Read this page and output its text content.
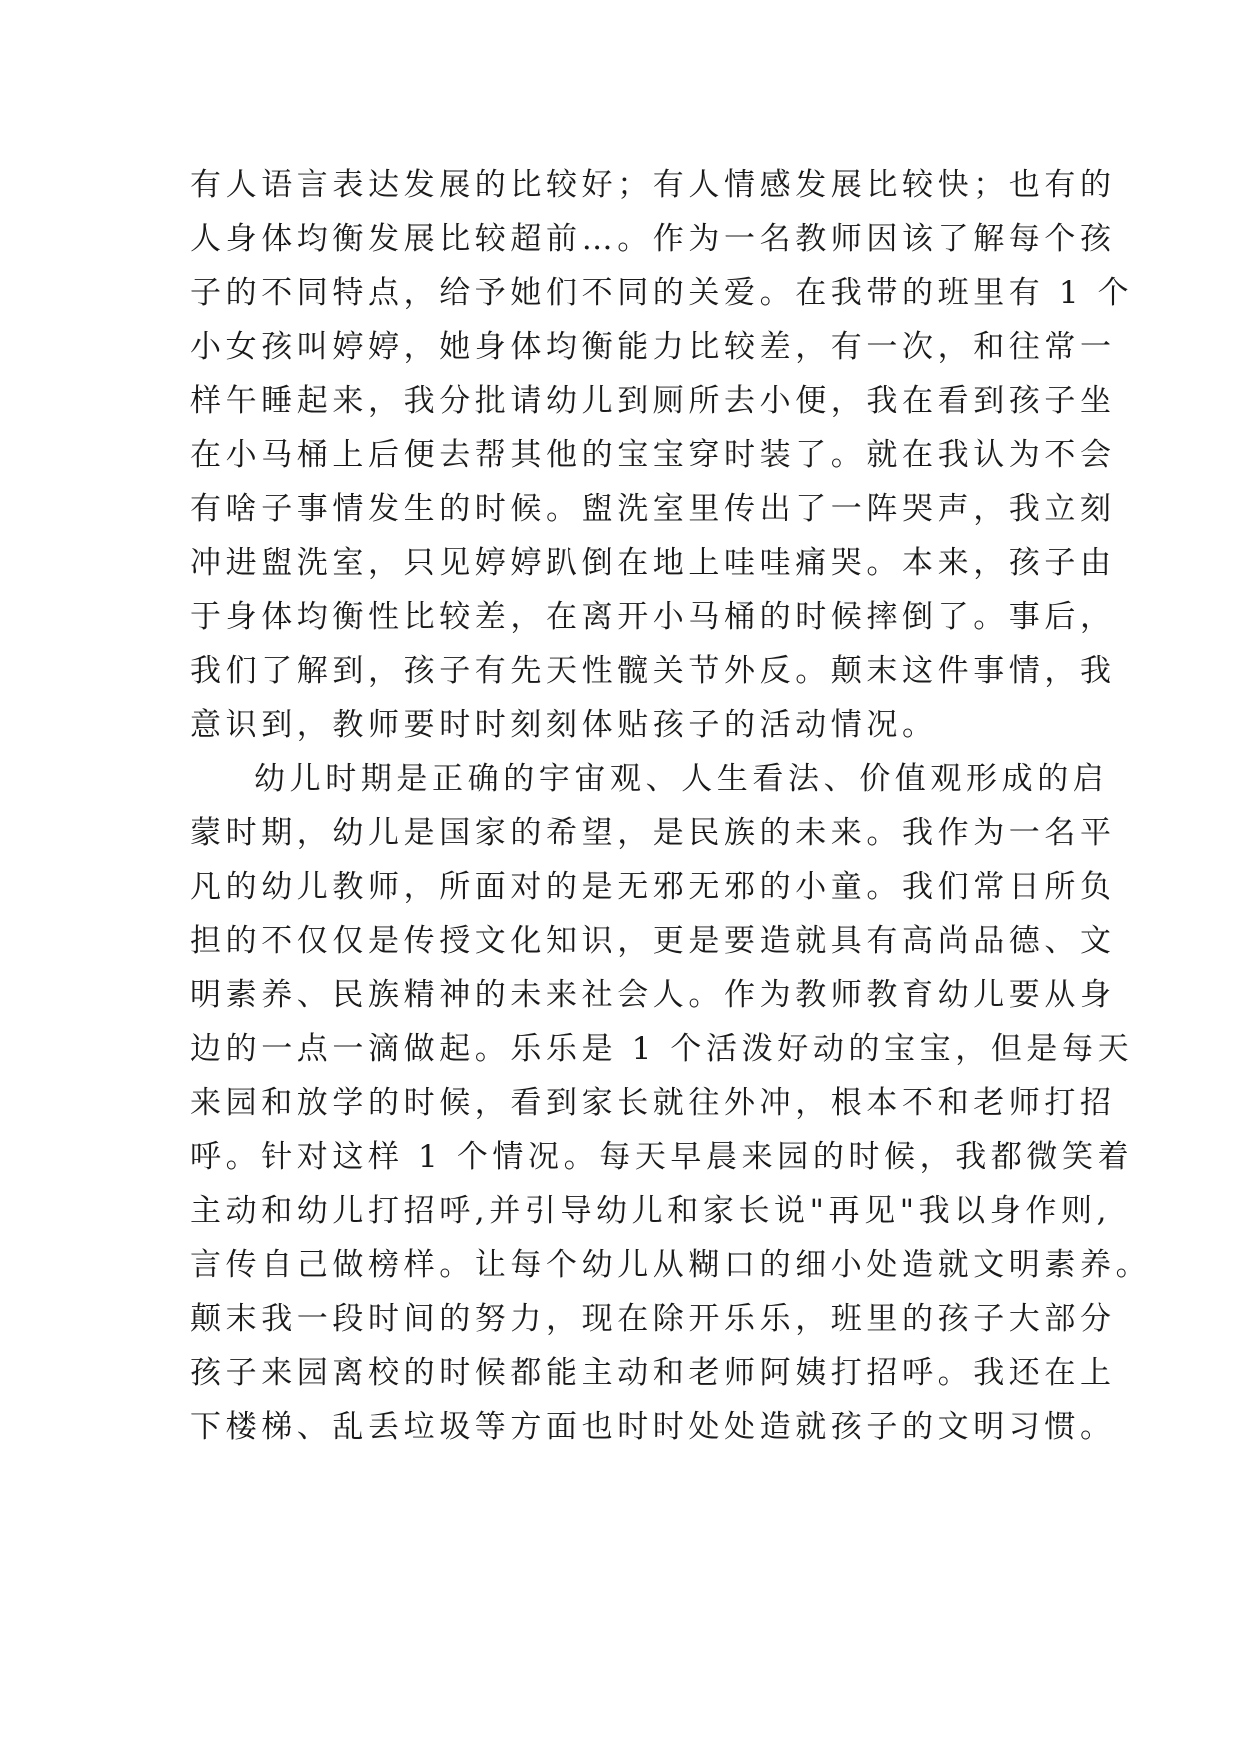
有人语言表达发展的比较好；有人情感发展比较快；也有的
人身体均衡发展比较超前…。作为一名教师因该了解每个孩
子的不同特点，给予她们不同的关爱。在我带的班里有 1 个
小女孩叫婷婷，她身体均衡能力比较差，有一次，和往常一
样午睡起来，我分批请幼儿到厕所去小便，我在看到孩子坐
在小马桶上后便去帮其他的宝宝穿时装了。就在我认为不会
有啥子事情发生的时候。盥洗室里传出了一阵哭声，我立刻
冲进盥洗室，只见婷婷趴倒在地上哇哇痛哭。本来，孩子由
于身体均衡性比较差，在离开小马桶的时候摔倒了。事后，
我们了解到，孩子有先天性髋关节外反。颠末这件事情，我
意识到，教师要时时刻刻体贴孩子的活动情况。
幼儿时期是正确的宇宙观、人生看法、价值观形成的启
蒙时期，幼儿是国家的希望，是民族的未来。我作为一名平
凡的幼儿教师，所面对的是无邪无邪的小童。我们常日所负
担的不仅仅是传授文化知识，更是要造就具有高尚品德、文
明素养、民族精神的未来社会人。作为教师教育幼儿要从身
边的一点一滴做起。乐乐是 1 个活泼好动的宝宝，但是每天
来园和放学的时候，看到家长就往外冲，根本不和老师打招
呼。针对这样 1 个情况。每天早晨来园的时候，我都微笑着
主动和幼儿打招呼,并引导幼儿和家长说"再见"我以身作则,
言传自己做榜样。让每个幼儿从糊口的细小处造就文明素养。
颠末我一段时间的努力，现在除开乐乐，班里的孩子大部分
孩子来园离校的时候都能主动和老师阿姨打招呼。我还在上
下楼梯、乱丢垃圾等方面也时时处处造就孩子的文明习惯。
